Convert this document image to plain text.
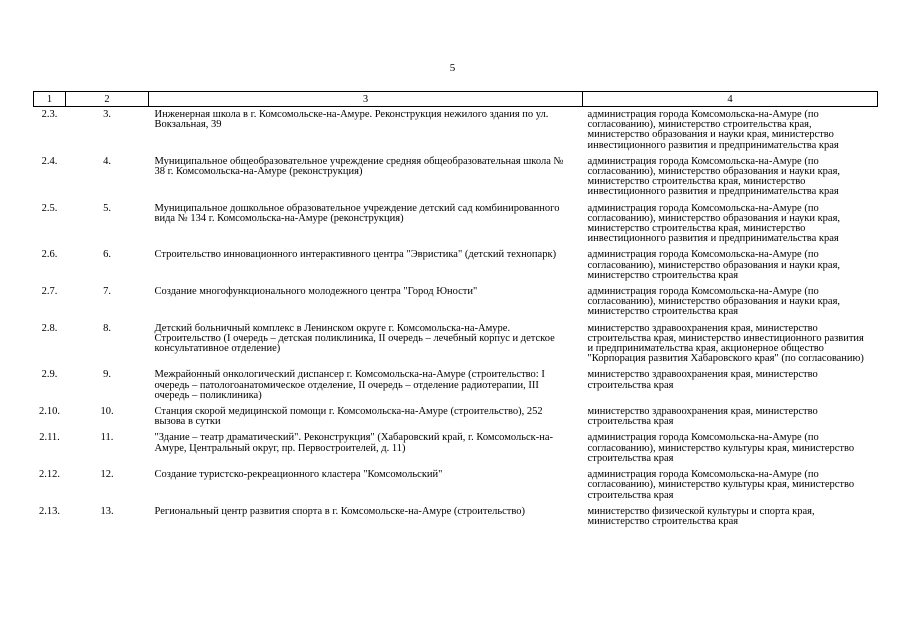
5
1	2	3	4
2.3.	3.	Инженерная школа в г. Комсомольске-на-Амуре. Реконструкция нежилого здания по ул. Вокзальная, 39	администрация города Комсомольска-на-Амуре (по согласованию), министерство строительства края, министерство образования и науки края, министерство инвестиционного развития и предпринимательства края
2.4.	4.	Муниципальное общеобразовательное учреждение средняя общеобразовательная школа № 38 г. Комсомольска-на-Амуре (реконструкция)	администрация города Комсомольска-на-Амуре (по согласованию), министерство образования и науки края, министерство строительства края, министерство инвестиционного развития и предпринимательства края
2.5.	5.	Муниципальное дошкольное образовательное учреждение детский сад комбинированного вида № 134 г. Комсомольска-на-Амуре (реконструкция)	администрация города Комсомольска-на-Амуре (по согласованию), министерство образования и науки края, министерство строительства края, министерство инвестиционного развития и предпринимательства края
2.6.	6.	Строительство инновационного интерактивного центра "Эвристика" (детский технопарк)	администрация города Комсомольска-на-Амуре (по согласованию), министерство образования и науки края, министерство строительства края
2.7.	7.	Создание многофункционального молодежного центра "Город Юности"	администрация города Комсомольска-на-Амуре (по согласованию), министерство образования и науки края, министерство строительства края
2.8.	8.	Детский больничный комплекс в Ленинском округе г. Комсомольска-на-Амуре. Строительство (I очередь – детская поликлиника, II очередь – лечебный корпус и детское консультативное отделение)	министерство здравоохранения края, министерство строительства края, министерство инвестиционного развития и предпринимательства края, акционерное общество "Корпорация развития Хабаровского края" (по согласованию)
2.9.	9.	Межрайонный онкологический диспансер г. Комсомольска-на-Амуре (строительство: I очередь – патологоанатомическое отделение, II очередь – отделение радиотерапии, III очередь – поликлиника)	министерство здравоохранения края, министерство строительства края
2.10.	10.	Станция скорой медицинской помощи г. Комсомольска-на-Амуре (строительство), 252 вызова в сутки	министерство здравоохранения края, министерство строительства края
2.11.	11.	"Здание – театр драматический". Реконструкция" (Хабаровский край, г. Комсомольск-на-Амуре, Центральный округ, пр. Первостроителей, д. 11)	администрация города Комсомольска-на-Амуре (по согласованию), министерство культуры края, министерство строительства края
2.12.	12.	Создание туристско-рекреационного кластера "Комсомольский"	администрация города Комсомольска-на-Амуре (по согласованию), министерство культуры края, министерство строительства края
2.13.	13.	Региональный центр развития спорта в г. Комсомольске-на-Амуре (строительство)	министерство физической культуры и спорта края, министерство строительства края
